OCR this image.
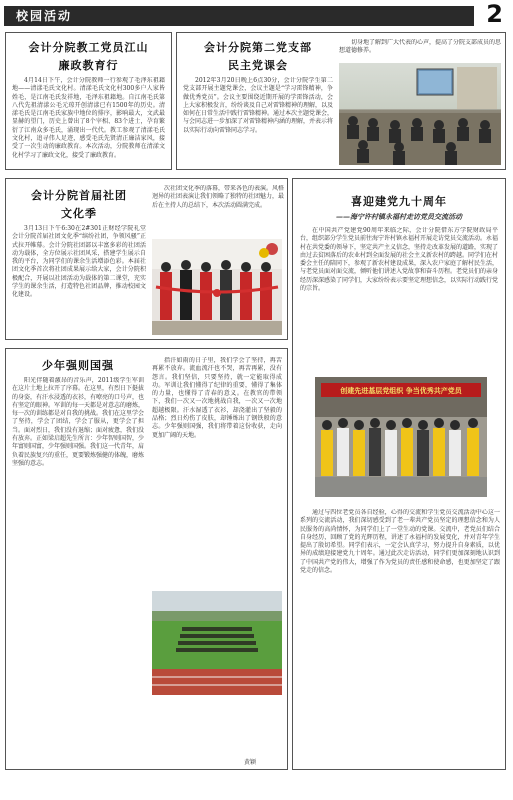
校园活动	2
会计分院教工党员江山
廉政教育行
4月14日下午，会计分院教师一行参观了毛泽东祖籍地——清漾毛氏文化村。清漾毛氏文化村300多户人家皆姓毛，是江南毛氏发祥地，毛泽东祖籍地。自江南毛氏第八代先祖清漾公毛元琼开创清漾已有1500年的历史。清漾毛氏是江南毛氏家族中地位的排序，影响最大，文武最显赫的望门，历史上曾出了8个宰相、83个进士，孕育繁衍了江南众多毛氏，涌现出一代代。教工参观了清漾毛氏文化村，追寻伟人足迹，感受毛氏先贤清正廉洁家风，接受了一次生动的廉政教育。本次活动，分院教师在清漾文化村学习了廉政文化，接受了廉政教育。
会计分院第二党支部
民主党课会
2012年3月20日晚上6点30分，会计分院学生第二党支部开展主题党课会，会议主题是“学习雷锋精神，争做优秀党员”。会议主要围绕近期开展的学雷锋活动，会上大家积极发言，纷纷谈及自己对雷锋精神的理解，以及如何在日常生活中践行雷锋精神。通过本次主题党课会，与会同志进一步加深了对雷锋精神内涵的理解，并表示将以实际行动向雷锋同志学习。
切身地了解到广大代表的心声，提高了分院支部成员的思想道德修养。
会计分院首届社团
文化季
3月13日下午6:30在2#301正财经学院礼堂会计分院首届社团文化季“缤纷社团，争领风骚”正式拉开帷幕。会计分院社团部以丰富多彩的社团活动为载体，全方位展示社团风采，搭建学生展示自我的平台，为同学们的课余生活增添色彩。本届社团文化季首次将社团成果展示给大家，会计分院积极配合，开展以社团活动为载体的第二课堂，充实学生的课余生活，打造特色社团品牌，推动校园文化建设。
次社团文化季的落幕，带来各色的表演。风格迥异的社团表演让我们领略了独特的社团魅力，最后在主持人的总结下，本次活动圆满完成。	喜迎建党九十周年
——海宁许村镇永福村走访党员交流活动
在中国共产党建党90周年来临之际，会计分院借东方学院财政局平台，组织部分学生党员前往海宁许村镇永福村开展走访党员交流活动。永福村在共党委的领导下，坚定共产主义信念，坚持走改革发展的道路，实现了由过去贫困落后的农业村到全面发展的社会主义新农村的跨越。同学们在村委会主任的陪同下，参观了新农村建设成果，深入农户家庭了解村民生活，与老党员面对面交流，倾听他们讲述入党故事和奋斗历程。老党员们的亲身经历深深感染了同学们，大家纷纷表示要坚定理想信念，以实际行动践行党的宗旨。
创建先进基层党组织 争当优秀共产党员
通过与四位老党员各自经验，心得的交流和学生党员交流活动中心这一系列的交流活动，我们深切感受到了老一辈共产党员坚定的理想信念和为人民服务的高尚情怀，为同学们上了一堂生动的党课。交流中，老党员们结合自身经历，回顾了党的光辉历程，讲述了永福村的发展变化，并对青年学生提出了殷切希望。同学们表示，一定会认真学习，努力提升自身素质，以优异的成绩迎接建党九十周年。通过此次走访活动，同学们更加深刻地认识到了中国共产党的伟大，增强了作为党员的责任感和使命感，也更加坚定了跟党走的信念。
少年强则国强
阳光伴随着激昂的音乐声，2011级学生军训在这片土地上拉开了序幕。在这里，有烈日下挺拔的身姿，有汗水浸透的衣衫，有嘹亮的口号声，也有坚定的眼神。军训的每一天都是对意志的磨炼，每一次的训练都是对自我的挑战。我们在这里学会了坚持，学会了团结，学会了服从，更学会了担当。面对烈日，我们没有退缩；面对疲惫，我们没有放弃。正如梁启超先生所言：少年智则国智，少年富则国富，少年强则国强。我们这一代青年，肩负着民族复兴的重任，更要锻炼强健的体魄，磨炼坚强的意志。
指汗如雨的日子里，我们学会了坚持，再苦再累不放弃。流血流汗也不哭，再苦再累，没有怨言。我们坚信，只要坚持，就一定能取得成功。军训让我们懂得了纪律的重要，懂得了集体的力量，也懂得了青春的意义。在教官的带领下，我们一次又一次地挑战自我，一次又一次地超越极限。汗水湿透了衣衫，却浇灌出了坚毅的品格；烈日灼伤了皮肤，却锤炼出了钢铁般的意志。少年强则国强，我们将带着这份收获，走向更加广阔的天地。
黄颖
